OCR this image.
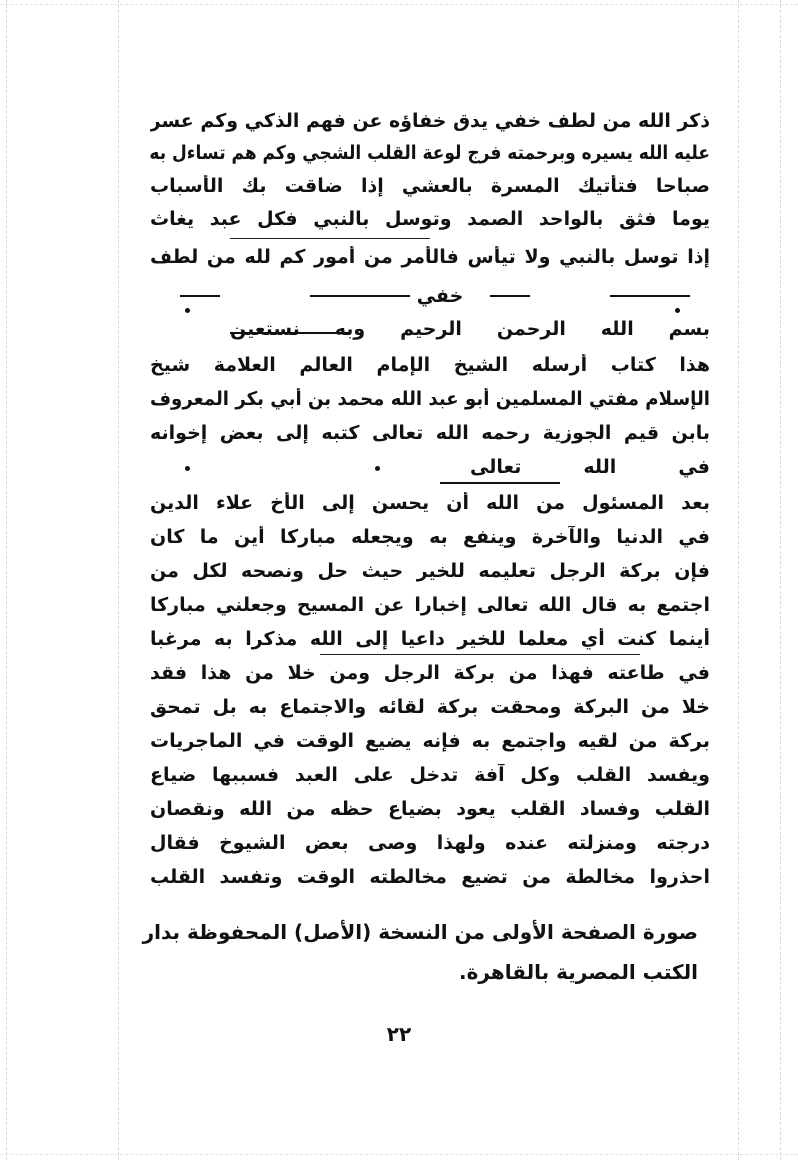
ذكر الله من لطف خفي يدق خفاؤه عن فهم الذكي وكم عسر
عليه الله يسيره وبرحمته فرج لوعة القلب الشجي وكم هم تساءل به
صباحا فتأتيك المسرة بالعشي إذا ضاقت بك الأسباب
يوما فثق بالواحد الصمد وتوسل بالنبي فكل عبد يغاث
إذا توسل بالنبي ولا تيأس فالأمر من أمور كم لله من لطف
خفي
بسم الله الرحمن الرحيم وبه نستعين
هذا كتاب أرسله الشيخ الإمام العالم العلامة شيخ
الإسلام مفتي المسلمين أبو عبد الله محمد بن أبي بكر المعروف
بابن قيم الجوزية رحمه الله تعالى كتبه إلى بعض إخوانه
في الله تعالى
بعد المسئول من الله أن يحسن إلى الأخ علاء الدين
في الدنيا والآخرة وينفع به ويجعله مباركا أين ما كان
فإن بركة الرجل تعليمه للخير حيث حل ونصحه لكل من
اجتمع به قال الله تعالى إخبارا عن المسيح وجعلني مباركا
أينما كنت أي معلما للخير داعيا إلى الله مذكرا به مرغبا
في طاعته فهذا من بركة الرجل ومن خلا من هذا فقد
خلا من البركة ومحقت بركة لقائه والاجتماع به بل تمحق
بركة من لقيه واجتمع به فإنه يضيع الوقت في الماجريات
ويفسد القلب وكل آفة تدخل على العبد فسببها ضياع
القلب وفساد القلب يعود بضياع حظه من الله ونقصان
درجته ومنزلته عنده ولهذا وصى بعض الشيوخ فقال
احذروا مخالطة من تضيع مخالطته الوقت وتفسد القلب
صورة الصفحة الأولى من النسخة (الأصل) المحفوظة بدار الكتب المصرية بالقاهرة.
٢٢
